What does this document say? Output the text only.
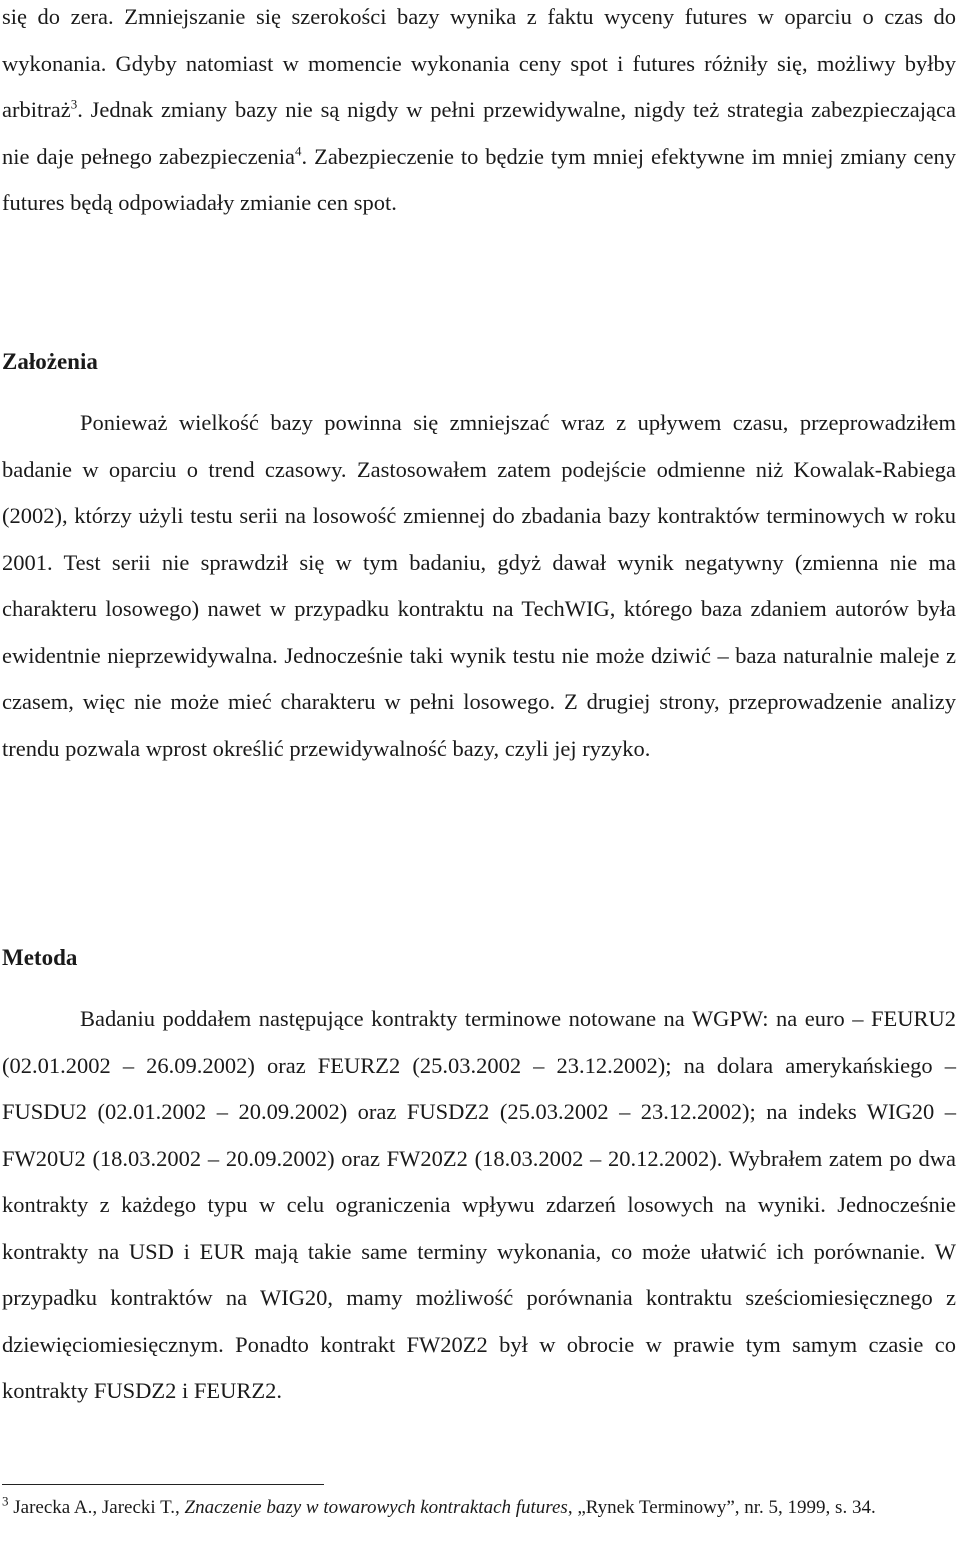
się do zera. Zmniejszanie się szerokości bazy wynika z faktu wyceny futures w oparciu o czas do wykonania. Gdyby natomiast w momencie wykonania ceny spot i futures różniły się, możliwy byłby arbitraż$^3$. Jednak zmiany bazy nie są nigdy w pełni przewidywalne, nigdy też strategia zabezpieczająca nie daje pełnego zabezpieczenia$^4$. Zabezpieczenie to będzie tym mniej efektywne im mniej zmiany ceny futures będą odpowiadały zmianie cen spot.

Założenia

Ponieważ wielkość bazy powinna się zmniejszać wraz z upływem czasu, przeprowadziłem badanie w oparciu o trend czasowy. Zastosowałem zatem podejście odmienne niż Kowalak-Rabiega (2002), którzy użyli testu serii na losowość zmiennej do zbadania bazy kontraktów terminowych w roku 2001. Test serii nie sprawdził się w tym badaniu, gdyż dawał wynik negatywny (zmienna nie ma charakteru losowego) nawet w przypadku kontraktu na TechWIG, którego baza zdaniem autorów była ewidentnie nieprzewidywalna. Jednocześnie taki wynik testu nie może dziwić – baza naturalnie maleje z czasem, więc nie może mieć charakteru w pełni losowego. Z drugiej strony, przeprowadzenie analizy trendu pozwala wprost określić przewidywalność bazy, czyli jej ryzyko.

Metoda

Badaniu poddałem następujące kontrakty terminowe notowane na WGPW: na euro – FEURU2 (02.01.2002 – 26.09.2002) oraz FEURZ2 (25.03.2002 – 23.12.2002); na dolara amerykańskiego – FUSDU2 (02.01.2002 – 20.09.2002) oraz FUSDZ2 (25.03.2002 – 23.12.2002); na indeks WIG20 – FW20U2 (18.03.2002 – 20.09.2002) oraz FW20Z2 (18.03.2002 – 20.12.2002). Wybrałem zatem po dwa kontrakty z każdego typu w celu ograniczenia wpływu zdarzeń losowych na wyniki. Jednocześnie kontrakty na USD i EUR mają takie same terminy wykonania, co może ułatwić ich porównanie. W przypadku kontraktów na WIG20, mamy możliwość porównania kontraktu sześciomiesięcznego z dziewięciomiesięcznym. Ponadto kontrakt FW20Z2 był w obrocie w prawie tym samym czasie co kontrakty FUSDZ2 i FEURZ2.

$^3$ Jarecka A., Jarecki T., Znaczenie bazy w towarowych kontraktach futures, „Rynek Terminowy”, nr. 5, 1999, s. 34.
